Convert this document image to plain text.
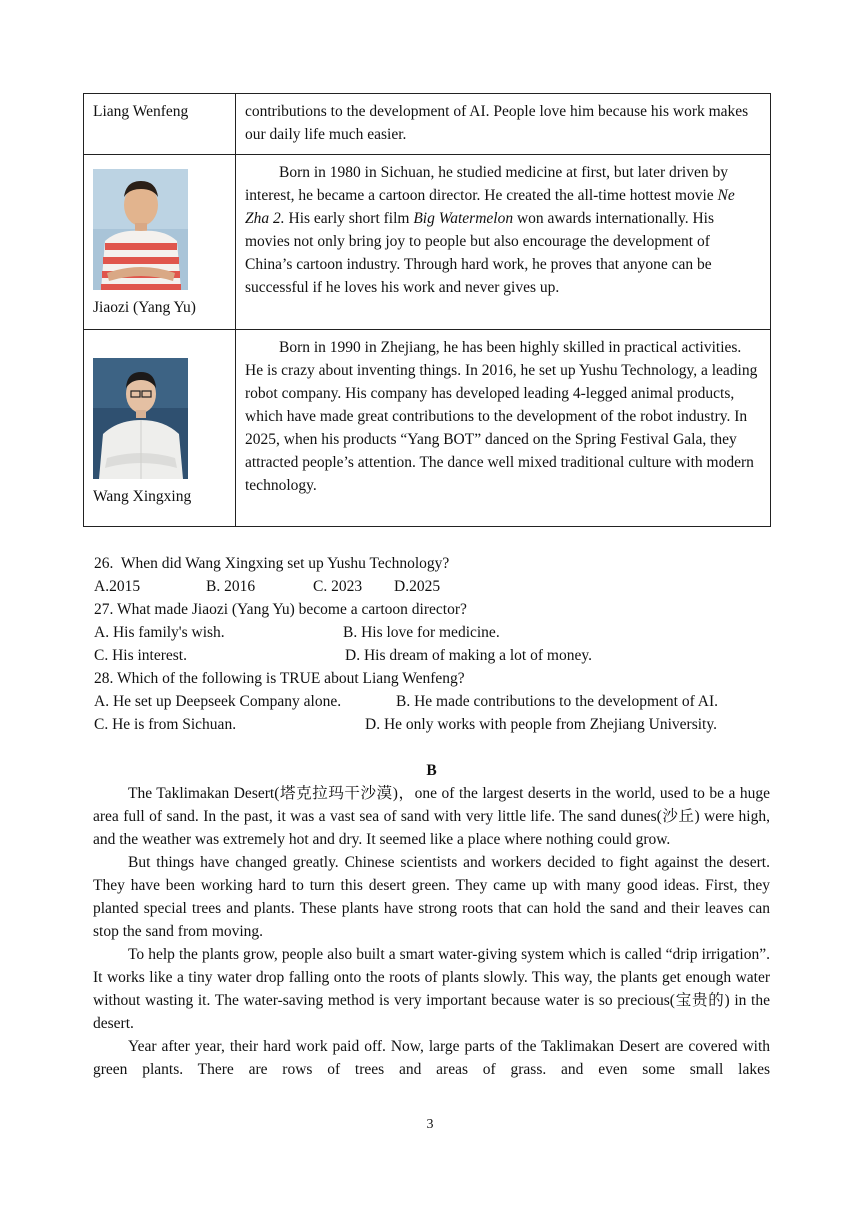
Liang Wenfeng	contributions to the development of AI. People love him because his work makes our daily life much easier.

Jiaozi (Yang Yu)	Born in 1980 in Sichuan, he studied medicine at first, but later driven by interest, he became a cartoon director. He created the all-time hottest movie Ne Zha 2. His early short film Big Watermelon won awards internationally. His movies not only bring joy to people but also encourage the development of China’s cartoon industry. Through hard work, he proves that anyone can be successful if he loves his work and never gives up.

Wang Xingxing	Born in 1990 in Zhejiang, he has been highly skilled in practical activities. He is crazy about inventing things. In 2016, he set up Yushu Technology, a leading robot company. His company has developed leading 4-legged animal products, which have made great contributions to the development of the robot industry. In 2025, when his products “Yang BOT” danced on the Spring Festival Gala, they attracted people’s attention. The dance well mixed traditional culture with modern technology.

26.  When did Wang Xingxing set up Yushu Technology?
A.2015	B. 2016	C. 2023 D.2025
27. What made Jiaozi (Yang Yu) become a cartoon director?
A. His family's wish.	B. His love for medicine.
C. His interest.	D. His dream of making a lot of money.
28. Which of the following is TRUE about Liang Wenfeng?
A. He set up Deepseek Company alone.	B. He made contributions to the development of AI.
C. He is from Sichuan.	D. He only works with people from Zhejiang University.
B

The Taklimakan Desert(塔克拉玛干沙漠)，one of the largest deserts in the world, used to be a huge area full of sand. In the past, it was a vast sea of sand with very little life. The sand dunes(沙丘) were high, and the weather was extremely hot and dry. It seemed like a place where nothing could grow.

But things have changed greatly. Chinese scientists and workers decided to fight against the desert. They have been working hard to turn this desert green. They came up with many good ideas. First, they planted special trees and plants. These plants have strong roots that can hold the sand and their leaves can stop the sand from moving.

To help the plants grow, people also built a smart water-giving system which is called “drip irrigation”. It works like a tiny water drop falling onto the roots of plants slowly. This way, the plants get enough water without wasting it. The water-saving method is very important because water is so precious(宝贵的) in the desert.

Year after year, their hard work paid off. Now, large parts of the Taklimakan Desert are covered with green plants. There are rows of trees and areas of grass. and even some small lakes

3
